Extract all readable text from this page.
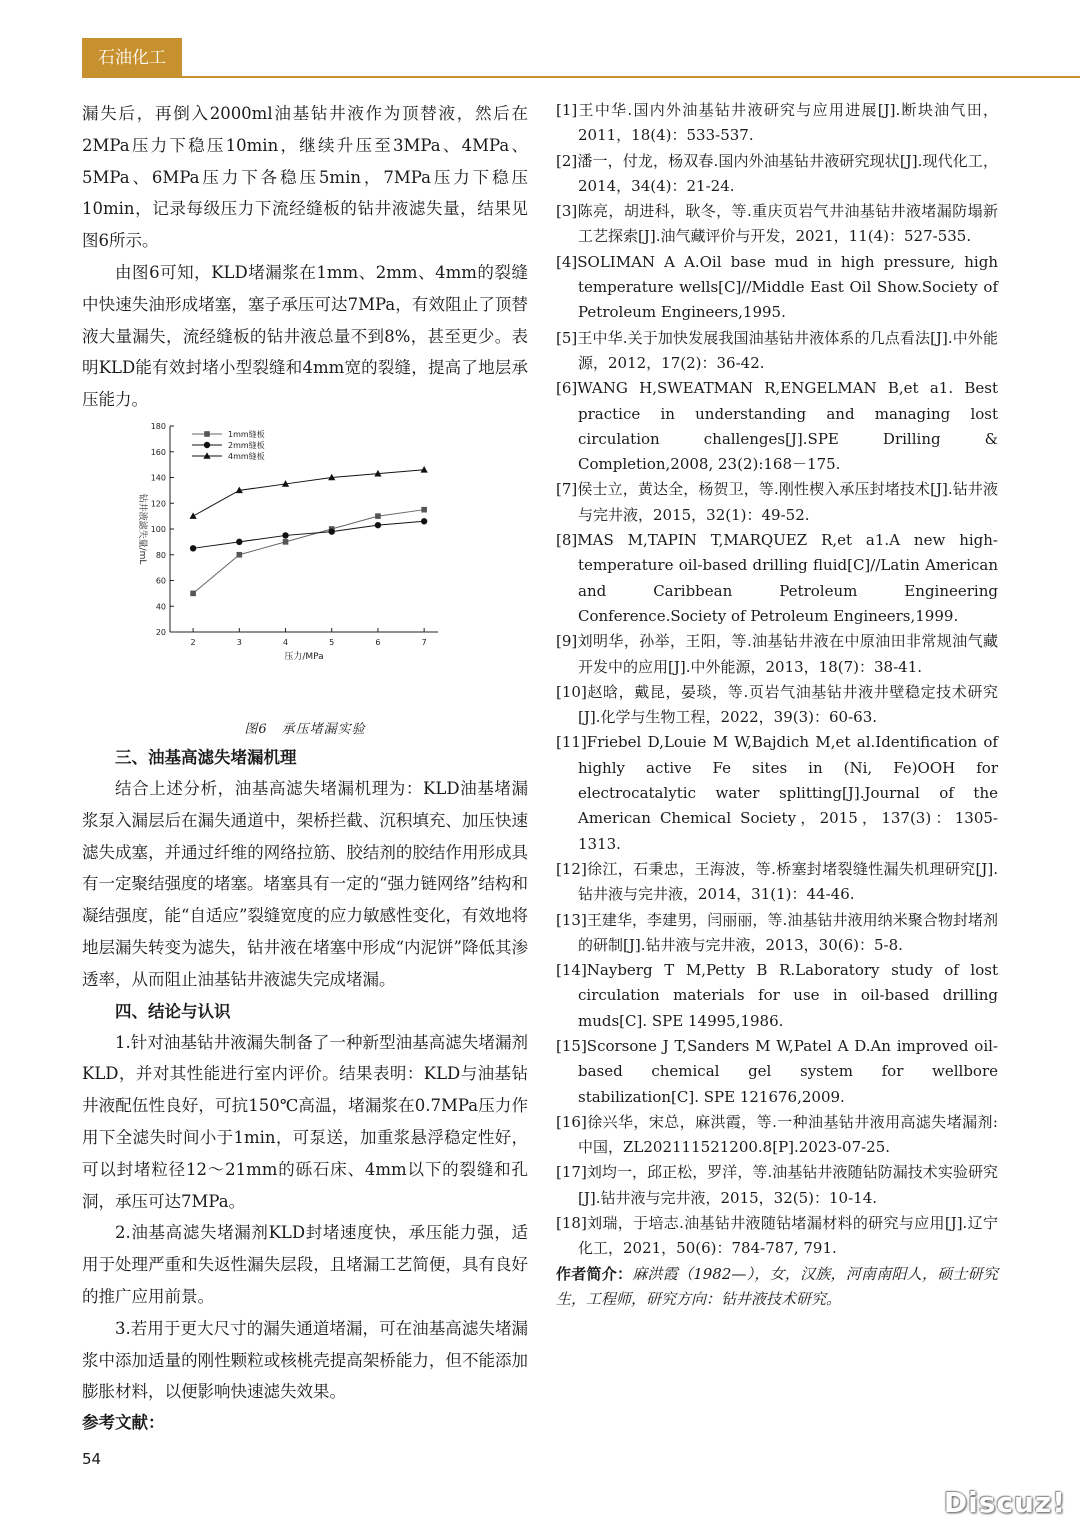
石油化工

漏失后，再倒入2000ml油基钻井液作为顶替液，然后在2MPa压力下稳压10min，继续升压至3MPa、4MPa、5MPa、6MPa压力下各稳压5min，7MPa压力下稳压10min，记录每级压力下流经缝板的钻井液滤失量，结果见图6所示。

由图6可知，KLD堵漏浆在1mm、2mm、4mm的裂缝中快速失油形成堵塞，塞子承压可达7MPa，有效阻止了顶替液大量漏失，流经缝板的钻井液总量不到8%，甚至更少。表明KLD能有效封堵小型裂缝和4mm宽的裂缝，提高了地层承压能力。

20
40
60
80
100
120
140
160
180
2	3	4	5	6	7
压力/MPa
钻井液滤失量/mL
1mm缝板
2mm缝板
4mm缝板

图6　承压堵漏实验

三、油基高滤失堵漏机理

结合上述分析，油基高滤失堵漏机理为：KLD油基堵漏浆泵入漏层后在漏失通道中，架桥拦截、沉积填充、加压快速滤失成塞，并通过纤维的网络拉筋、胶结剂的胶结作用形成具有一定聚结强度的堵塞。堵塞具有一定的“强力链网络”结构和凝结强度，能“自适应”裂缝宽度的应力敏感性变化，有效地将地层漏失转变为滤失，钻井液在堵塞中形成“内泥饼”降低其渗透率，从而阻止油基钻井液滤失完成堵漏。

四、结论与认识

1.针对油基钻井液漏失制备了一种新型油基高滤失堵漏剂KLD，并对其性能进行室内评价。结果表明：KLD与油基钻井液配伍性良好，可抗150℃高温，堵漏浆在0.7MPa压力作用下全滤失时间小于1min，可泵送，加重浆悬浮稳定性好，可以封堵粒径12～21mm的砾石床、4mm以下的裂缝和孔洞，承压可达7MPa。

2.油基高滤失堵漏剂KLD封堵速度快，承压能力强，适用于处理严重和失返性漏失层段，且堵漏工艺简便，具有良好的推广应用前景。

3.若用于更大尺寸的漏失通道堵漏，可在油基高滤失堵漏浆中添加适量的刚性颗粒或核桃壳提高架桥能力，但不能添加膨胀材料，以便影响快速滤失效果。

参考文献：

[1]王中华.国内外油基钻井液研究与应用进展[J].断块油气田，2011，18(4)：533-537.

[2]潘一，付龙，杨双春.国内外油基钻井液研究现状[J].现代化工，2014，34(4)：21-24.

[3]陈亮，胡进科，耿冬，等.重庆页岩气井油基钻井液堵漏防塌新工艺探索[J].油气藏评价与开发，2021，11(4)：527-535.

[4]SOLIMAN A A.Oil base mud in high pressure, high temperature wells[C]//Middle East Oil Show.Society of Petroleum Engineers,1995.

[5]王中华.关于加快发展我国油基钻井液体系的几点看法[J].中外能源，2012，17(2)：36-42.

[6]WANG H,SWEATMAN R,ENGELMAN B,et a1. Best practice in understanding and managing lost circulation challenges[J].SPE Drilling & Completion,2008, 23(2):168－175.

[7]侯士立，黄达全，杨贺卫，等.刚性楔入承压封堵技术[J].钻井液与完井液，2015，32(1)：49-52.

[8]MAS M,TAPIN T,MARQUEZ R,et a1.A new high-temperature oil-based drilling fluid[C]//Latin American and Caribbean Petroleum Engineering Conference.Society of Petroleum Engineers,1999.

[9]刘明华，孙举，王阳，等.油基钻井液在中原油田非常规油气藏开发中的应用[J].中外能源，2013，18(7)：38-41.

[10]赵晗，戴昆，晏琰，等.页岩气油基钻井液井壁稳定技术研究[J].化学与生物工程，2022，39(3)：60-63.

[11]Friebel D,Louie M W,Bajdich M,et al.Identification of highly active Fe sites in (Ni, Fe)OOH for electrocatalytic water splitting[J].Journal of the American Chemical Society，2015，137(3)：1305-1313.

[12]徐江，石秉忠，王海波，等.桥塞封堵裂缝性漏失机理研究[J].钻井液与完井液，2014，31(1)：44-46.

[13]王建华，李建男，闫丽丽，等.油基钻井液用纳米聚合物封堵剂的研制[J].钻井液与完井液，2013，30(6)：5-8.

[14]Nayberg T M,Petty B R.Laboratory study of lost circulation materials for use in oil-based drilling muds[C]. SPE 14995,1986.

[15]Scorsone J T,Sanders M W,Patel A D.An improved oil-based chemical gel system for wellbore stabilization[C]. SPE 121676,2009.

[16]徐兴华，宋总，麻洪霞，等.一种油基钻井液用高滤失堵漏剂:中国，ZL202111521200.8[P].2023-07-25.

[17]刘均一，邱正松，罗洋，等.油基钻井液随钻防漏技术实验研究[J].钻井液与完井液，2015，32(5)：10-14.

[18]刘瑞，于培志.油基钻井液随钻堵漏材料的研究与应用[J].辽宁化工，2021，50(6)：784-787, 791.

作者简介：麻洪霞（1982—），女，汉族，河南南阳人，硕士研究生，工程师，研究方向：钻井液技术研究。

54
Discuz!
